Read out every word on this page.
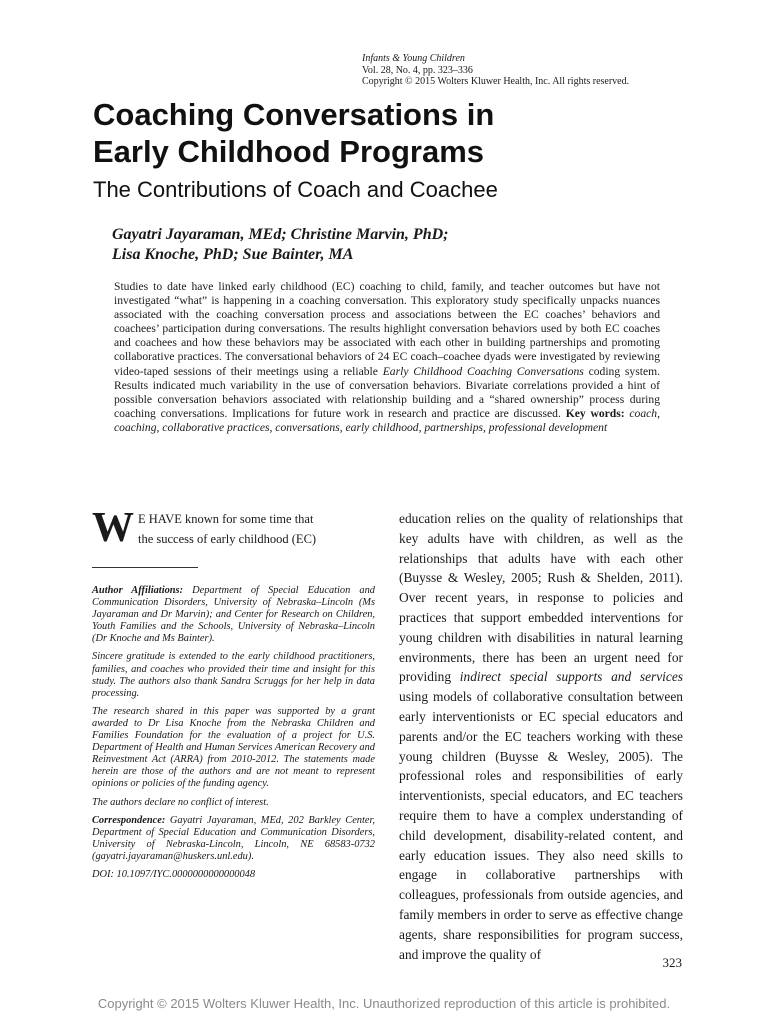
Infants & Young Children
Vol. 28, No. 4, pp. 323–336
Copyright © 2015 Wolters Kluwer Health, Inc. All rights reserved.
Coaching Conversations in
Early Childhood Programs
The Contributions of Coach and Coachee
Gayatri Jayaraman, MEd; Christine Marvin, PhD;
Lisa Knoche, PhD; Sue Bainter, MA

Studies to date have linked early childhood (EC) coaching to child, family, and teacher outcomes but have not investigated “what” is happening in a coaching conversation. This exploratory study specifically unpacks nuances associated with the coaching conversation process and associations between the EC coaches’ behaviors and coachees’ participation during conversations. The results highlight conversation behaviors used by both EC coaches and coachees and how these behaviors may be associated with each other in building partnerships and promoting collaborative practices. The conversational behaviors of 24 EC coach–coachee dyads were investigated by reviewing video-taped sessions of their meetings using a reliable Early Childhood Coaching Conversations coding system. Results indicated much variability in the use of conversation behaviors. Bivariate correlations provided a hint of possible conversation behaviors associated with relationship building and a “shared ownership” process during coaching conversations. Implications for future work in research and practice are discussed. Key words: coach, coaching, collaborative practices, conversations, early childhood, partnerships, professional development

W E HAVE known for some time that
the success of early childhood (EC)

Author Affiliations: Department of Special Education and Communication Disorders, University of Nebraska–Lincoln (Ms Jayaraman and Dr Marvin); and Center for Research on Children, Youth Families and the Schools, University of Nebraska–Lincoln (Dr Knoche and Ms Bainter).

Sincere gratitude is extended to the early childhood practitioners, families, and coaches who provided their time and insight for this study. The authors also thank Sandra Scruggs for her help in data processing.

The research shared in this paper was supported by a grant awarded to Dr Lisa Knoche from the Nebraska Children and Families Foundation for the evaluation of a project for U.S. Department of Health and Human Services American Recovery and Reinvestment Act (ARRA) from 2010-2012. The statements made herein are those of the authors and are not meant to represent opinions or policies of the funding agency.

The authors declare no conflict of interest.

Correspondence: Gayatri Jayaraman, MEd, 202 Barkley Center, Department of Special Education and Communication Disorders, University of Nebraska-Lincoln, Lincoln, NE 68583-0732 (gayatri.jayaraman@huskers.unl.edu).

DOI: 10.1097/IYC.0000000000000048

education relies on the quality of relationships that key adults have with children, as well as the relationships that adults have with each other (Buysse & Wesley, 2005; Rush & Shelden, 2011). Over recent years, in response to policies and practices that support embedded interventions for young children with disabilities in natural learning environments, there has been an urgent need for providing indirect special supports and services using models of collaborative consultation between early interventionists or EC special educators and parents and/or the EC teachers working with these young children (Buysse & Wesley, 2005). The professional roles and responsibilities of early interventionists, special educators, and EC teachers require them to have a complex understanding of child development, disability-related content, and early education issues. They also need skills to engage in collaborative partnerships with colleagues, professionals from outside agencies, and family members in order to serve as effective change agents, share responsibilities for program success, and improve the quality of
323
Copyright © 2015 Wolters Kluwer Health, Inc. Unauthorized reproduction of this article is prohibited.
